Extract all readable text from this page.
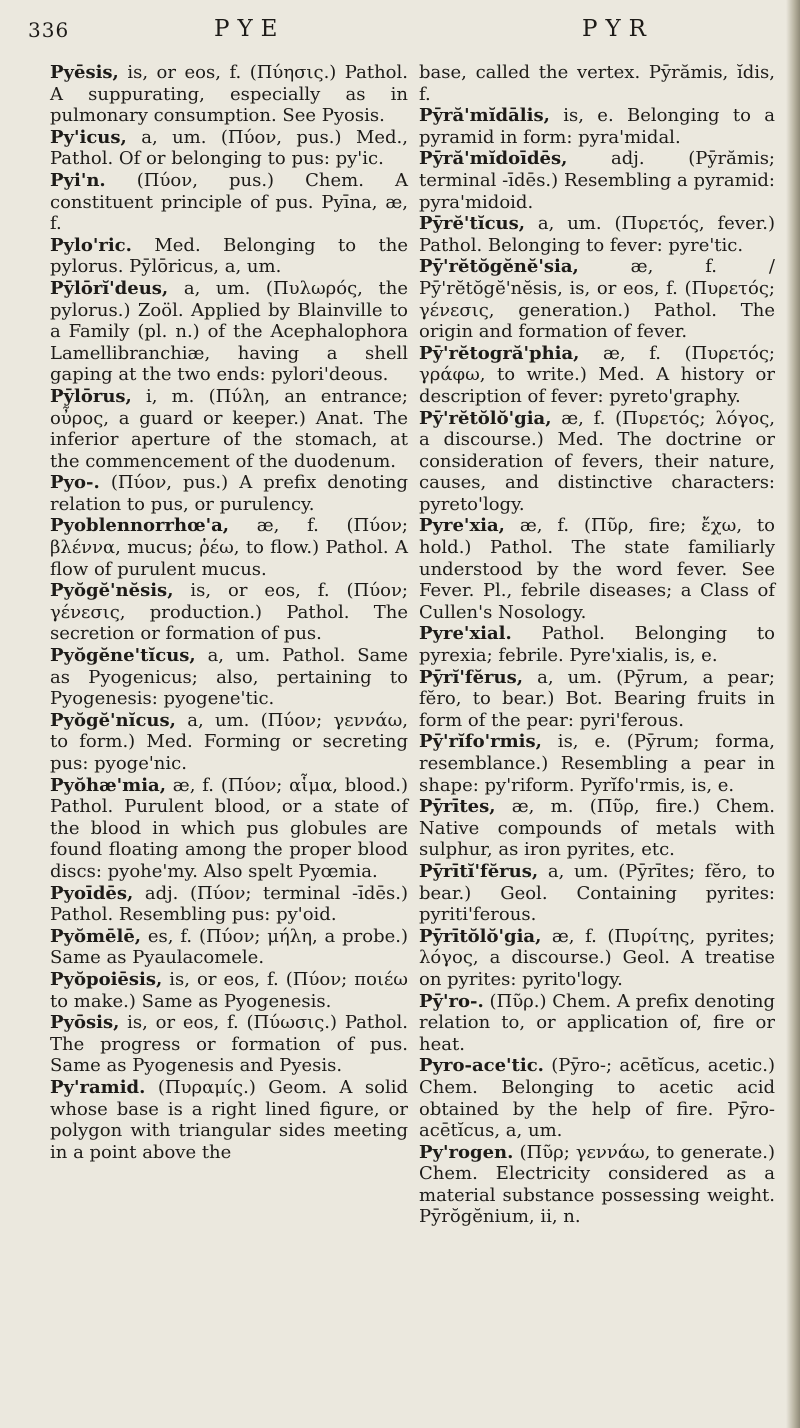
336	PYE	PYR
Pyēsis, is, or eos, f. (Πύησις.) Pathol. A suppurating, especially as in pulmonary consumption. See Pyosis.
Py'icus, a, um. (Πύον, pus.) Med., Pathol. Of or belonging to pus: py'ic.
Pyi'n. (Πύον, pus.) Chem. A constituent principle of pus. Pyīna, æ, f.
Pylo'ric. Med. Belonging to the pylorus. Pȳlōricus, a, um.
Pȳlōrĭ'deus, a, um. (Πυλωρός, the pylorus.) Zoöl. Applied by Blainville to a Family (pl. n.) of the Acephalophora Lamellibranchiæ, having a shell gaping at the two ends: pylori'deous.
Pȳlōrus, i, m. (Πύλη, an entrance; οὖρος, a guard or keeper.) Anat. The inferior aperture of the stomach, at the commencement of the duodenum.
Pyo-. (Πύον, pus.) A prefix denoting relation to pus, or purulency.
Pyoblennorrhœ'a, æ, f. (Πύον; βλέννα, mucus; ῥέω, to flow.) Pathol. A flow of purulent mucus.
Pyŏgĕ'nĕsis, is, or eos, f. (Πύον; γένεσις, production.) Pathol. The secretion or formation of pus.
Pyŏgĕne'tĭcus, a, um. Pathol. Same as Pyogenicus; also, pertaining to Pyogenesis: pyogene'tic.
Pyŏgĕ'nĭcus, a, um. (Πύον; γεννάω, to form.) Med. Forming or secreting pus: pyoge'nic.
Pyŏhæ'mia, æ, f. (Πύον; αἷμα, blood.) Pathol. Purulent blood, or a state of the blood in which pus globules are found floating among the proper blood discs: pyohe'my. Also spelt Pyœmia.
Pyoīdēs, adj. (Πύον; terminal -īdēs.) Pathol. Resembling pus: py'oid.
Pyŏmēlē, es, f. (Πύον; μήλη, a probe.) Same as Pyaulacomele.
Pyŏpoiēsis, is, or eos, f. (Πύον; ποιέω to make.) Same as Pyogenesis.
Pyōsis, is, or eos, f. (Πύωσις.) Pathol. The progress or formation of pus. Same as Pyogenesis and Pyesis.
Py'ramid. (Πυραμίς.) Geom. A solid whose base is a right lined figure, or polygon with triangular sides meeting in a point above the
base, called the vertex. Pȳrămis, ĭdis, f.
Pȳră'mĭdālis, is, e. Belonging to a pyramid in form: pyra'midal.
Pȳră'mĭdoīdēs, adj. (Pȳrămis; terminal -īdēs.) Resembling a pyramid: pyra'midoid.
Pȳrĕ'tĭcus, a, um. (Πυρετός, fever.) Pathol. Belonging to fever: pyre'tic.
Pȳ'rĕtŏgĕnĕ'sia, æ, f. / Pȳ'rĕtŏgĕ'nĕsis, is, or eos, f. (Πυρετός; γένεσις, generation.) Pathol. The origin and formation of fever.
Pȳ'rĕtogră'phia, æ, f. (Πυρετός; γράφω, to write.) Med. A history or description of fever: pyreto'graphy.
Pȳ'rĕtŏlŏ'gia, æ, f. (Πυρετός; λόγος, a discourse.) Med. The doctrine or consideration of fevers, their nature, causes, and distinctive characters: pyreto'logy.
Pyre'xia, æ, f. (Πῦρ, fire; ἔχω, to hold.) Pathol. The state familiarly understood by the word fever. See Fever. Pl., febrile diseases; a Class of Cullen's Nosology.
Pyre'xial. Pathol. Belonging to pyrexia; febrile. Pyre'xialis, is, e.
Pȳrĭ'fĕrus, a, um. (Pȳrum, a pear; fĕro, to bear.) Bot. Bearing fruits in form of the pear: pyri'ferous.
Pȳ'rĭfo'rmis, is, e. (Pȳrum; forma, resemblance.) Resembling a pear in shape: py'riform. Pyrĭfo'rmis, is, e.
Pȳrītes, æ, m. (Πῦρ, fire.) Chem. Native compounds of metals with sulphur, as iron pyrites, etc.
Pȳrītĭ'fĕrus, a, um. (Pȳrītes; fĕro, to bear.) Geol. Containing pyrites: pyriti'ferous.
Pȳrītŏlŏ'gia, æ, f. (Πυρίτης, pyrites; λόγος, a discourse.) Geol. A treatise on pyrites: pyrito'logy.
Pȳ'ro-. (Πῦρ.) Chem. A prefix denoting relation to, or application of, fire or heat.
Pyro-ace'tic. (Pȳro-; acētĭcus, acetic.) Chem. Belonging to acetic acid obtained by the help of fire. Pȳro-acētĭcus, a, um.
Py'rogen. (Πῦρ; γεννάω, to generate.) Chem. Electricity considered as a material substance possessing weight. Pȳrŏgĕnium, ii, n.
